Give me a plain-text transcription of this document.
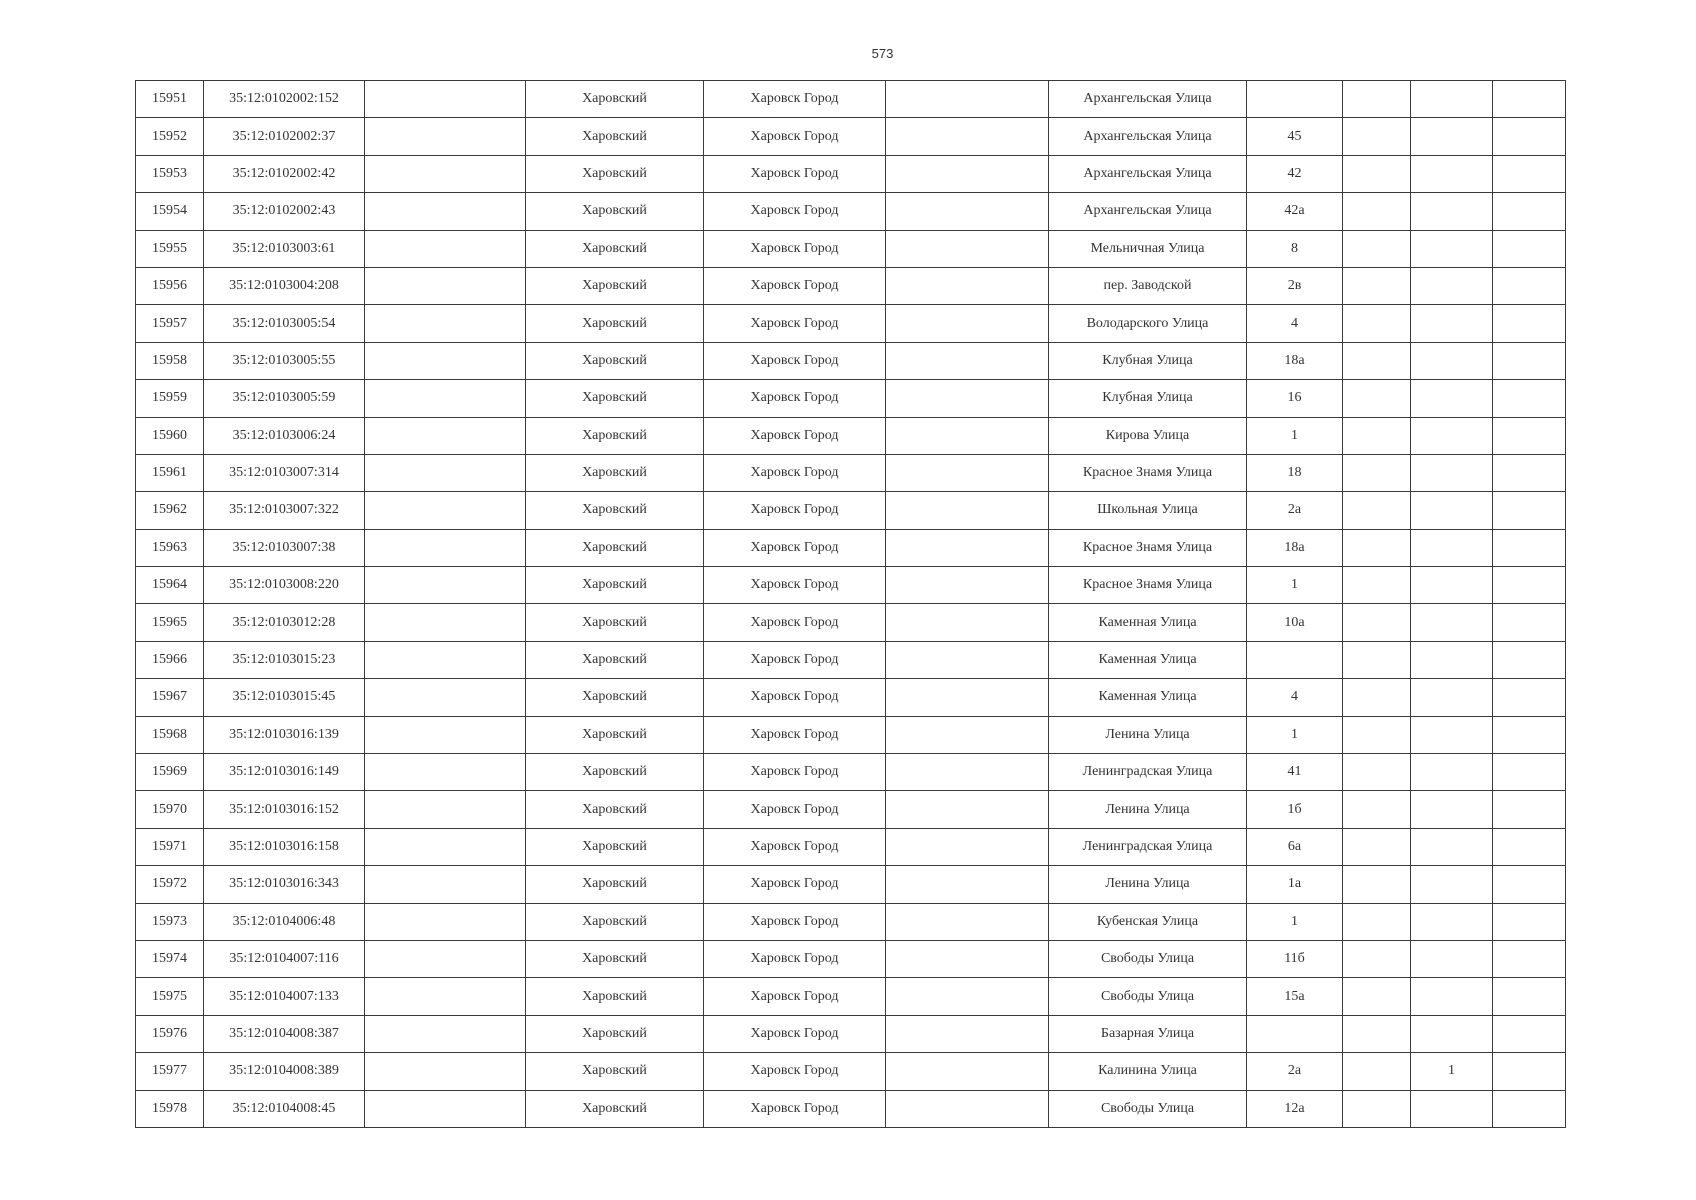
573
15951	35:12:0102002:152		Харовский	Харовск Город		Архангельская Улица				
15952	35:12:0102002:37		Харовский	Харовск Город		Архангельская Улица	45			
15953	35:12:0102002:42		Харовский	Харовск Город		Архангельская Улица	42			
15954	35:12:0102002:43		Харовский	Харовск Город		Архангельская Улица	42а			
15955	35:12:0103003:61		Харовский	Харовск Город		Мельничная Улица	8			
15956	35:12:0103004:208		Харовский	Харовск Город		пер. Заводской	2в			
15957	35:12:0103005:54		Харовский	Харовск Город		Володарского Улица	4			
15958	35:12:0103005:55		Харовский	Харовск Город		Клубная Улица	18а			
15959	35:12:0103005:59		Харовский	Харовск Город		Клубная Улица	16			
15960	35:12:0103006:24		Харовский	Харовск Город		Кирова Улица	1			
15961	35:12:0103007:314		Харовский	Харовск Город		Красное Знамя Улица	18			
15962	35:12:0103007:322		Харовский	Харовск Город		Школьная Улица	2а			
15963	35:12:0103007:38		Харовский	Харовск Город		Красное Знамя Улица	18а			
15964	35:12:0103008:220		Харовский	Харовск Город		Красное Знамя Улица	1			
15965	35:12:0103012:28		Харовский	Харовск Город		Каменная Улица	10а			
15966	35:12:0103015:23		Харовский	Харовск Город		Каменная Улица				
15967	35:12:0103015:45		Харовский	Харовск Город		Каменная Улица	4			
15968	35:12:0103016:139		Харовский	Харовск Город		Ленина Улица	1			
15969	35:12:0103016:149		Харовский	Харовск Город		Ленинградская Улица	41			
15970	35:12:0103016:152		Харовский	Харовск Город		Ленина Улица	1б			
15971	35:12:0103016:158		Харовский	Харовск Город		Ленинградская Улица	6а			
15972	35:12:0103016:343		Харовский	Харовск Город		Ленина Улица	1а			
15973	35:12:0104006:48		Харовский	Харовск Город		Кубенская Улица	1			
15974	35:12:0104007:116		Харовский	Харовск Город		Свободы Улица	11б			
15975	35:12:0104007:133		Харовский	Харовск Город		Свободы Улица	15а			
15976	35:12:0104008:387		Харовский	Харовск Город		Базарная Улица				
15977	35:12:0104008:389		Харовский	Харовск Город		Калинина Улица	2а		1	
15978	35:12:0104008:45		Харовский	Харовск Город		Свободы Улица	12а			
